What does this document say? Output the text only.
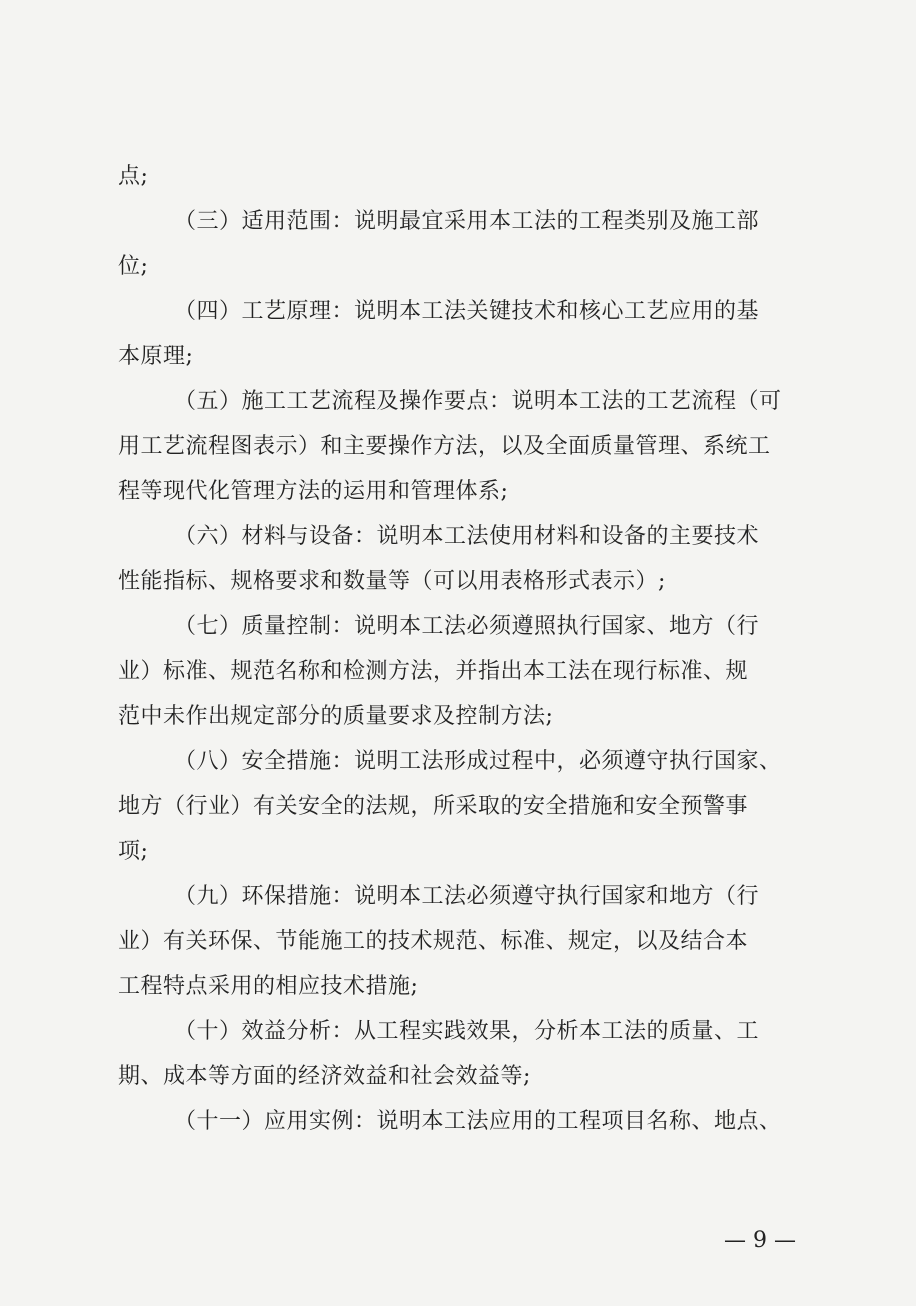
点;
（三）适用范围：说明最宜采用本工法的工程类别及施工部
位;
（四）工艺原理：说明本工法关键技术和核心工艺应用的基
本原理;
（五）施工工艺流程及操作要点：说明本工法的工艺流程（可
用工艺流程图表示）和主要操作方法，以及全面质量管理、系统工
程等现代化管理方法的运用和管理体系;
（六）材料与设备：说明本工法使用材料和设备的主要技术
性能指标、规格要求和数量等（可以用表格形式表示）;
（七）质量控制：说明本工法必须遵照执行国家、地方（行
业）标准、规范名称和检测方法，并指出本工法在现行标准、规
范中未作出规定部分的质量要求及控制方法;
（八）安全措施：说明工法形成过程中，必须遵守执行国家、
地方（行业）有关安全的法规，所采取的安全措施和安全预警事
项;
（九）环保措施：说明本工法必须遵守执行国家和地方（行
业）有关环保、节能施工的技术规范、标准、规定，以及结合本
工程特点采用的相应技术措施;
（十）效益分析：从工程实践效果，分析本工法的质量、工
期、成本等方面的经济效益和社会效益等;
（十一）应用实例：说明本工法应用的工程项目名称、地点、
— 9 —
